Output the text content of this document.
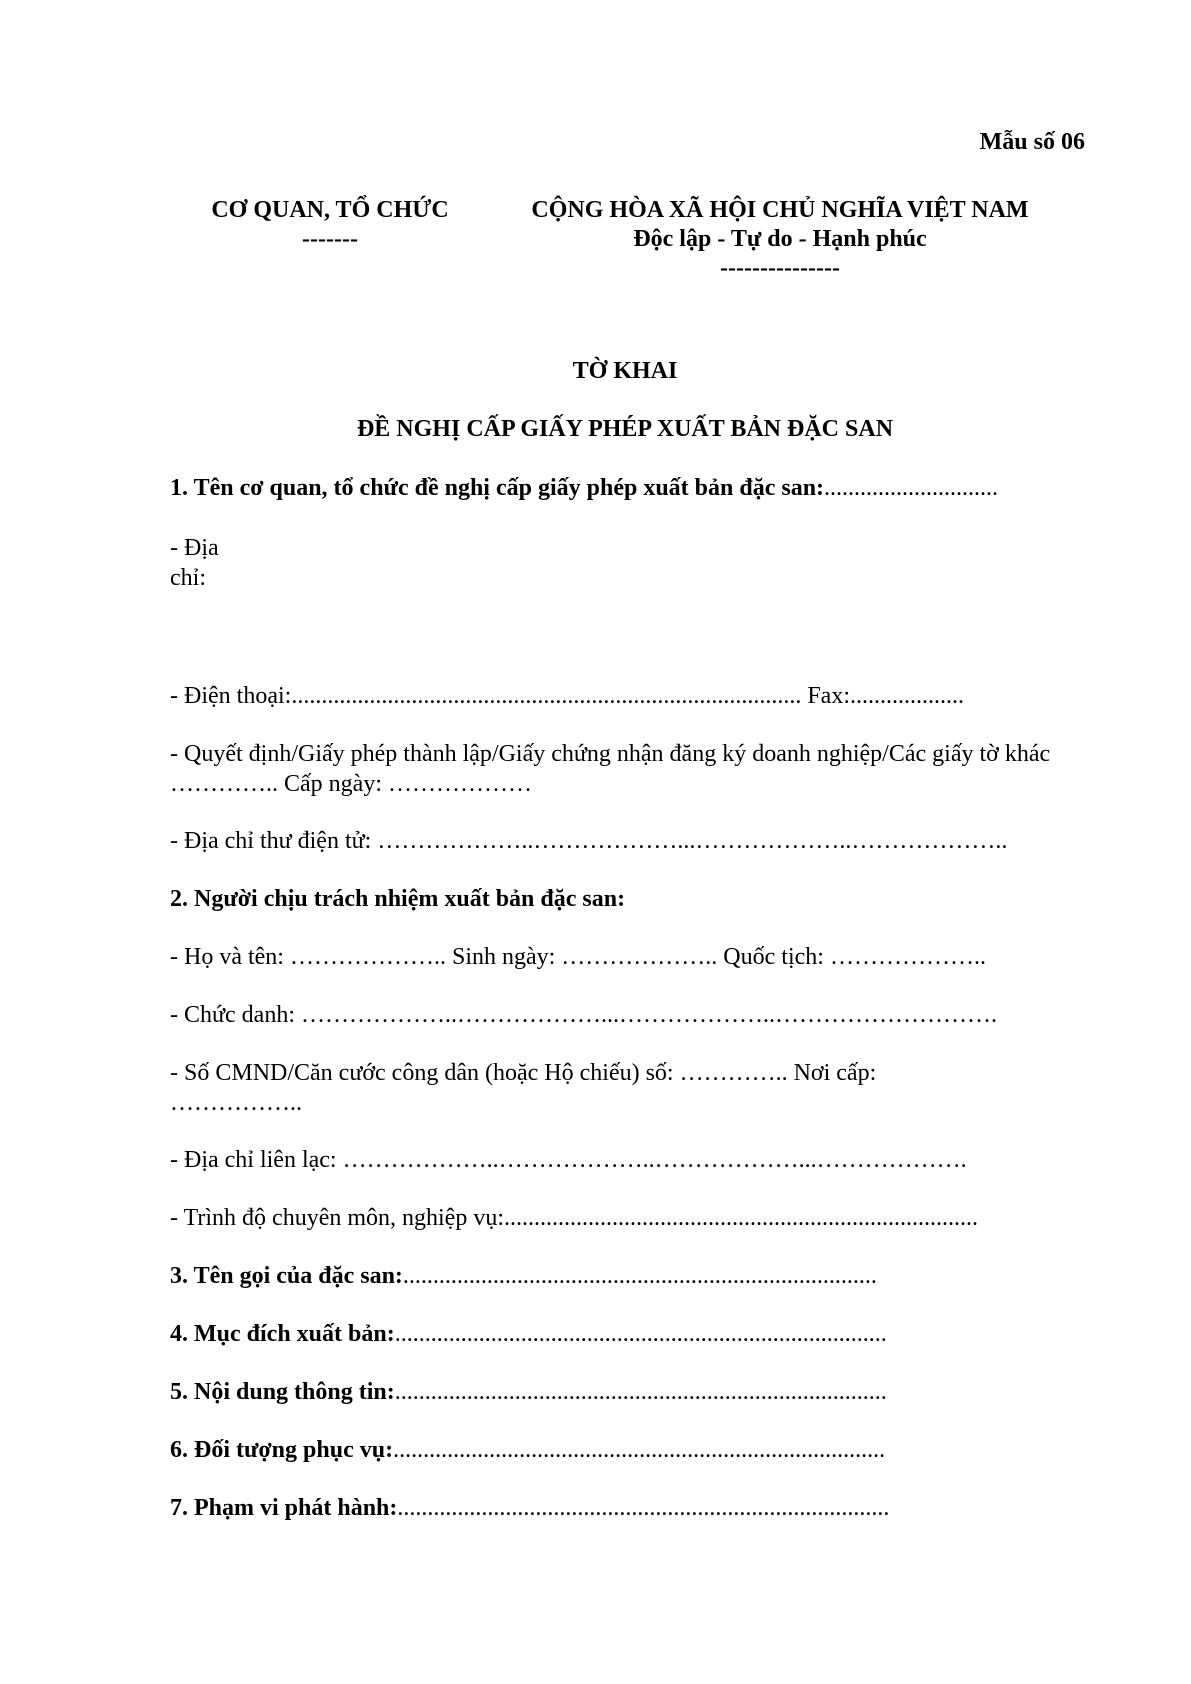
Mẫu số 06
CƠ QUAN, TỔ CHỨC
-------
CỘNG HÒA XÃ HỘI CHỦ NGHĨA VIỆT NAM
Độc lập - Tự do - Hạnh phúc
---------------
TỜ KHAI
ĐỀ NGHỊ CẤP GIẤY PHÉP XUẤT BẢN ĐẶC SAN
1. Tên cơ quan, tổ chức đề nghị cấp giấy phép xuất bản đặc san:.............................
- Địa chỉ:
- Điện thoại:..................................................................................... Fax:...................
- Quyết định/Giấy phép thành lập/Giấy chứng nhận đăng ký doanh nghiệp/Các giấy tờ khác ………….. Cấp ngày: ………………
- Địa chỉ thư điện tử: ………………..………………...………………..………………..
2. Người chịu trách nhiệm xuất bản đặc san:
- Họ và tên: ……………….. Sinh ngày: ……………….. Quốc tịch: ………………..
- Chức danh: ………………..………………...………………..……………………….
- Số CMND/Căn cước công dân (hoặc Hộ chiếu) số: ………….. Nơi cấp: ……………..
- Địa chỉ liên lạc: ………………..………………..………………...……………….
- Trình độ chuyên môn, nghiệp vụ:...............................................................................
3. Tên gọi của đặc san:...............................................................................
4. Mục đích xuất bản:..................................................................................
5. Nội dung thông tin:..................................................................................
6. Đối tượng phục vụ:..................................................................................
7. Phạm vi phát hành:..................................................................................
